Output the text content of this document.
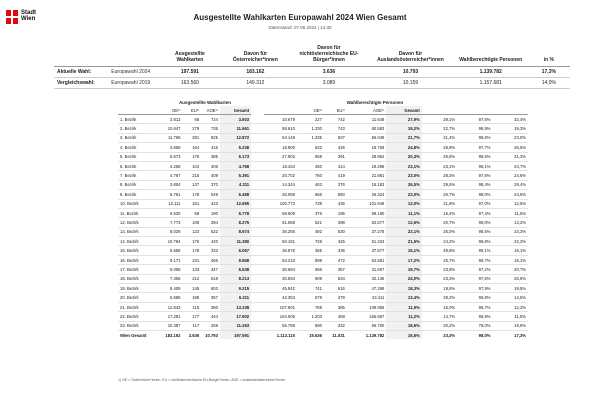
Stadt
Wien	Ausgestellte Wahlkarten Europawahl 2024 Wien Gesamt
Datenstand: 07.06.2024 | 14:30
		Ausgestellte Wahlkarten	Davon für Österreicher*innen	Davon für nichtösterreichische EU-Bürger*innen	Davon für Auslandsösterreicher*innen	Wahlberechtigte Personen	in %
Aktuelle Wahl:	Europawahl 2024	197.591	183.162	3.636	10.793	1.139.782	17,3%
Vergleichswahl:	Europawahl 2019	163.560	149.312	3.089	10.159	1.157.681	14,0%
Ausgestellte Wahlkarten	Wahlberechtigte Personen
	OE¹⁾	EU¹⁾	AOE¹⁾	Gesamt			OE¹⁾	EU¹⁾	AOE¹⁾	Gesamt			
1. Bezirk	2.813	66	724	3.603		10.679	227	742	11.648	27,9%	29,1%	97,6%	32,4%
2. Bezirk	10.647	279	735	11.661		58.610	1.230	743	60.583	19,2%	22,7%	98,9%	19,3%
3. Bezirk	11.766	281	825	12.872		54.148	1.335	837	56.048	21,7%	21,4%	98,6%	23,0%
4. Bezirk	4.668	154	416	5.238		18.800	532	426	19.758	24,8%	28,9%	97,7%	26,5%
5. Bezirk	5.673	175	385	6.173		27.902	659	391	28.952	20,3%	26,6%	98,5%	21,3%
6. Bezirk	4.258	104	406	4.768		18.434	450	414	19.298	23,1%	23,1%	98,1%	24,7%
7. Bezirk	4.767	215	409	5.391		20.702	760	419	21.881	23,0%	28,3%	97,6%	24,6%
8. Bezirk	3.804	137	370	4.311		14.344	463	376	15.183	26,5%	29,6%	98,4%	28,4%
9. Bezirk	5.761	178	549	6.488		25.098	666	560	26.324	23,0%	26,7%	98,0%	24,6%
10. Bezirk	12.111	161	423	12.695		100.773	739	436	101.948	12,0%	21,8%	97,0%	12,5%
11. Bezirk	6.530	58	190	6.778		58.609	376	195	59.180	11,1%	15,4%	97,4%	11,5%
12. Bezirk	7.773	108	394	8.275		61.658	521	398	62.577	12,6%	20,7%	99,0%	13,2%
13. Bezirk	8.029	123	522	8.674		36.256	492	530	37.278	22,1%	25,0%	98,5%	23,3%
14. Bezirk	10.784	176	420	11.380		50.181	728	425	51.334	21,5%	24,2%	98,8%	22,2%
15. Bezirk	5.556	178	333	6.067		36.876	365	336	37.577	15,1%	48,8%	99,1%	16,1%
16. Bezirk	9.171	231	466	9.868		53.210	899	472	54.581	17,2%	25,7%	98,7%	18,1%
17. Bezirk	6.058	133	347	6.538		30.694	556	357	31.607	19,7%	23,9%	97,2%	20,7%
18. Bezirk	7.355	212	618	8.213		30.593	909	634	32.136	24,0%	23,3%	97,5%	25,6%
19. Bezirk	8.409	145	603	9.215		45.942	741	616	47.299	18,3%	19,6%	97,9%	19,5%
20. Bezirk	5.686	198	367	6.311		42.353	679	379	43.411	13,4%	29,2%	96,8%	14,5%
21. Bezirk	12.843	115	380	13.338		107.801	769	385	108.955	11,9%	15,0%	98,7%	12,2%
22. Bezirk	17.281	177	444	17.902		154.006	1.203	458	155.667	11,2%	14,7%	96,9%	11,5%
23. Bezirk	10.387	117	259	11.263		55.788	580	332	56.700	18,6%	20,2%	78,0%	19,9%
Wien Gesamt	183.162	3.636	10.793	197.591		1.113.115	15.636	11.031	1.139.782	16,5%	23,3%	98,0%	17,3%
1) OE = Österreicher*innen, EU = nichtösterreichische EU-Bürger*innen, AOE = Auslandsösterreicher*innen
